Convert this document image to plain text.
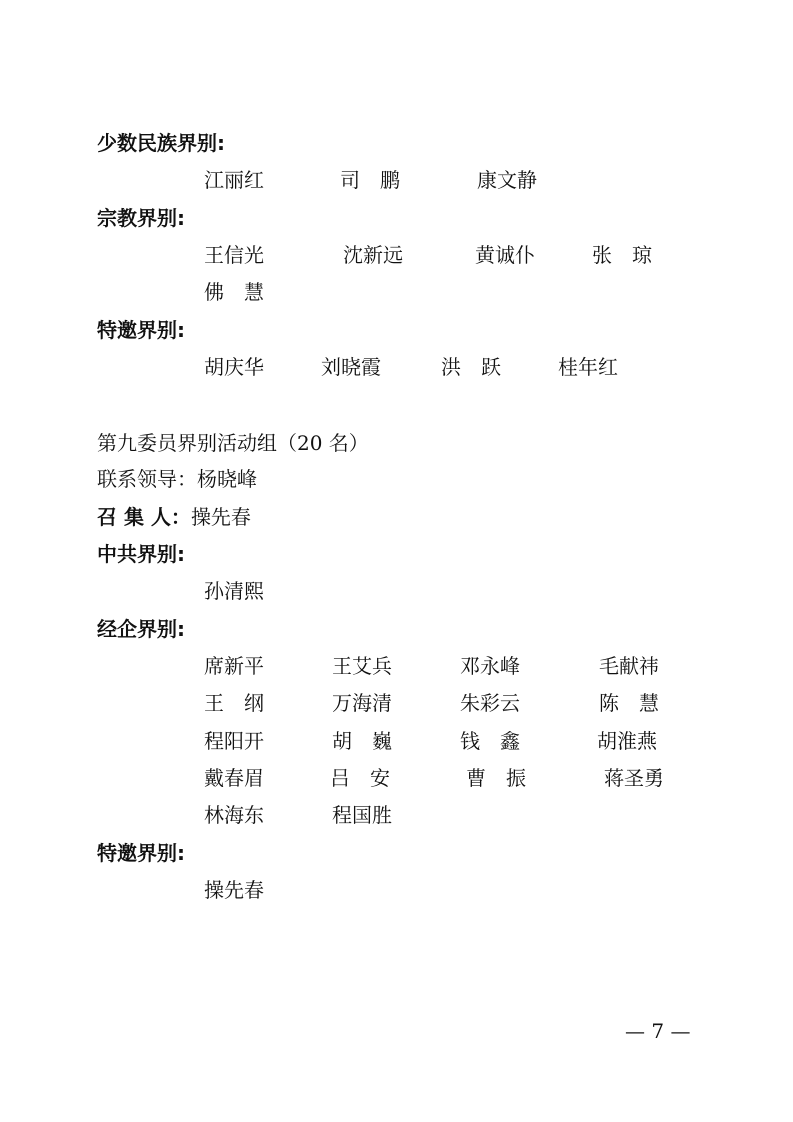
少数民族界别:
江丽红	司　鹏	康文静
宗教界别:
王信光	沈新远	黄诚仆	张　琼
佛　慧
特邀界别:
胡庆华	刘晓霞	洪　跃	桂年红
第九委员界别活动组（20 名）
联系领导：杨晓峰
召 集 人：操先春
中共界别:
孙清熙
经企界别:
席新平	王艾兵	邓永峰	毛献祎
王　纲	万海清	朱彩云	陈　慧
程阳开	胡　巍	钱　鑫	胡淮燕
戴春眉	吕　安	曹　振	蒋圣勇
林海东	程国胜
特邀界别:
操先春
— 7 —
